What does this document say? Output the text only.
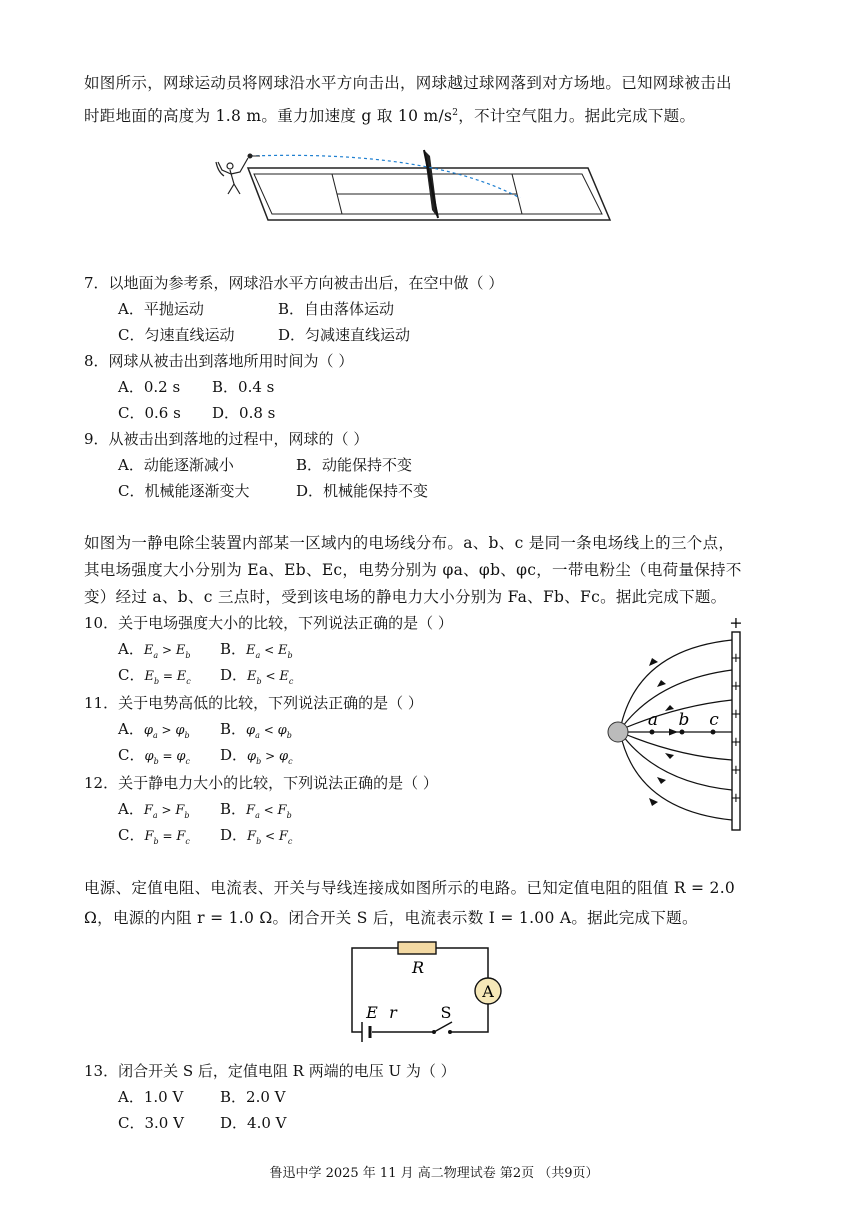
如图所示，网球运动员将网球沿水平方向击出，网球越过球网落到对方场地。已知网球被击出
时距地面的高度为 1.8 m。重力加速度 g 取 10 $m/s^2$，不计空气阻力。据此完成下题。
7．以地面为参考系，网球沿水平方向被击出后，在空中做（ ）
A．平抛运动	B．自由落体运动
C．匀速直线运动	D．匀减速直线运动
8．网球从被击出到落地所用时间为（ ）
A．0.2 s B．0.4 s
C．0.6 s D．0.8 s
9．从被击出到落地的过程中，网球的（ ）
A．动能逐渐减小	B．动能保持不变
C．机械能逐渐变大	D．机械能保持不变
如图为一静电除尘装置内部某一区域内的电场线分布。a、b、c 是同一条电场线上的三个点，
其电场强度大小分别为 Ea、Eb、Ec，电势分别为 φa、φb、φc，一带电粉尘（电荷量保持不
变）经过 a、b、c 三点时，受到该电场的静电力大小分别为 Fa、Fb、Fc。据此完成下题。
10．关于电场强度大小的比较，下列说法正确的是（ ）
A．$E_a > E_b$ B．$E_a < E_b$
C．$E_b = E_c$ D．$E_b < E_c$
11．关于电势高低的比较，下列说法正确的是（ ）
A．$\varphi_a > \varphi_b$ B．$\varphi_a < \varphi_b$
C．$\varphi_b = \varphi_c$ D．$\varphi_b > \varphi_c$
12．关于静电力大小的比较，下列说法正确的是（ ）
A．$F_a > F_b$ B．$F_a < F_b$
C．$F_b = F_c$ D．$F_b < F_c$
+
+
+
+
+
+
+
a b c
电源、定值电阻、电流表、开关与导线连接成如图所示的电路。已知定值电阻的阻值 R = 2.0
Ω，电源的内阻 r = 1.0 Ω。闭合开关 S 后，电流表示数 I = 1.00 A。据此完成下题。
R
A
E r	S
13．闭合开关 S 后，定值电阻 R 两端的电压 U 为（ ）
A．1.0 V B．2.0 V
C．3.0 V D．4.0 V
鲁迅中学 2025 年 11 月 高二物理试卷 第2页 （共9页）
